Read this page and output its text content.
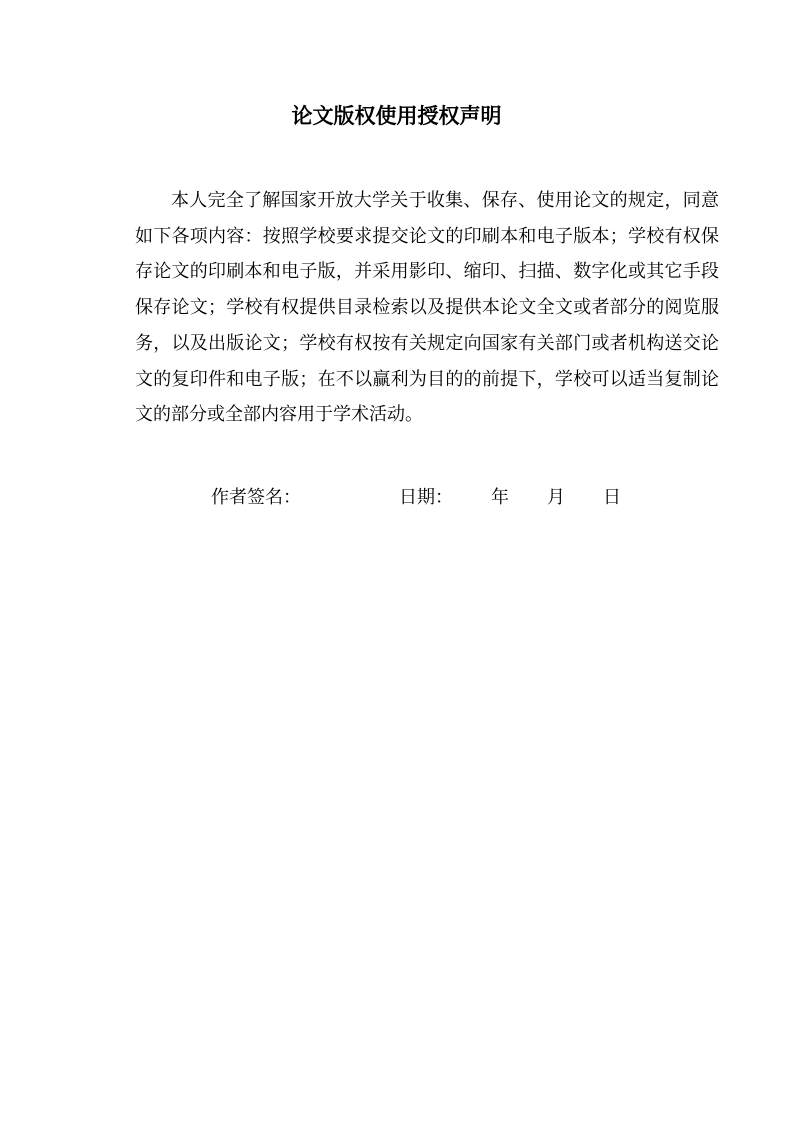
论文版权使用授权声明

本人完全了解国家开放大学关于收集、保存、使用论文的规定，同意如下各项内容：按照学校要求提交论文的印刷本和电子版本；学校有权保存论文的印刷本和电子版，并采用影印、缩印、扫描、数字化或其它手段保存论文；学校有权提供目录检索以及提供本论文全文或者部分的阅览服务，以及出版论文；学校有权按有关规定向国家有关部门或者机构送交论文的复印件和电子版；在不以赢利为目的的前提下，学校可以适当复制论文的部分或全部内容用于学术活动。

作者签名：	日期： 年 月 日
